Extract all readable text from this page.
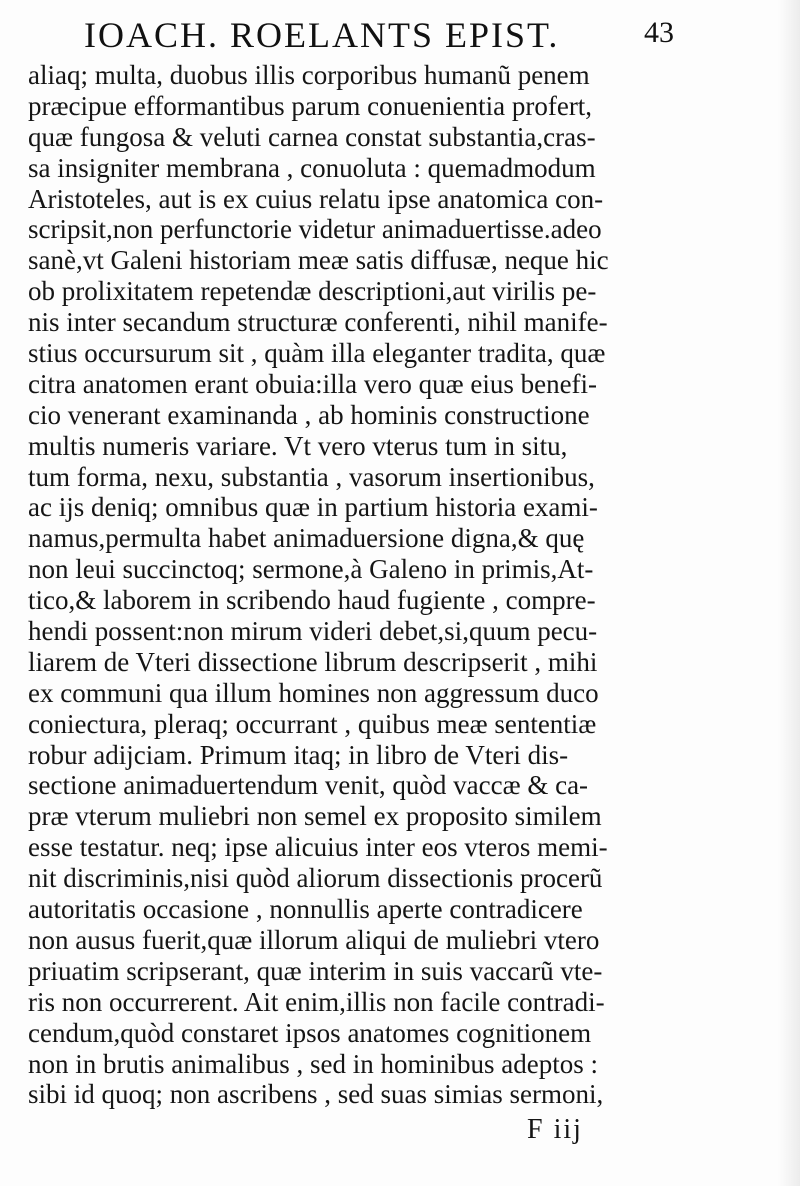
IOACH. ROELANTS EPIST.	43
aliaq; multa, duobus illis corporibus humanũ penem
præcipue efformantibus parum conuenientia profert,
quæ fungosa & veluti carnea constat substantia,cras-
sa insigniter membrana , conuoluta : quemadmodum
Aristoteles, aut is ex cuius relatu ipse anatomica con-
scripsit,non perfunctorie videtur animaduertisse.adeo
sanè,vt Galeni historiam meæ satis diffusæ, neque hic
ob prolixitatem repetendæ descriptioni,aut virilis pe-
nis inter secandum structuræ conferenti, nihil manife-
stius occursurum sit , quàm illa eleganter tradita, quæ
citra anatomen erant obuia:illa vero quæ eius benefi-
cio venerant examinanda , ab hominis constructione
multis numeris variare. Vt vero vterus tum in situ,
tum forma, nexu, substantia , vasorum insertionibus,
ac ijs deniq; omnibus quæ in partium historia exami-
namus,permulta habet animaduersione digna,& quę
non leui succinctoq; sermone,à Galeno in primis,At-
tico,& laborem in scribendo haud fugiente , compre-
hendi possent:non mirum videri debet,si,quum pecu-
liarem de Vteri dissectione librum descripserit , mihi
ex communi qua illum homines non aggressum duco
coniectura, pleraq; occurrant , quibus meæ sententiæ
robur adijciam. Primum itaq; in libro de Vteri dis-
sectione animaduertendum venit, quòd vaccæ & ca-
præ vterum muliebri non semel ex proposito similem
esse testatur. neq; ipse alicuius inter eos vteros memi-
nit discriminis,nisi quòd aliorum dissectionis procerũ
autoritatis occasione , nonnullis aperte contradicere
non ausus fuerit,quæ illorum aliqui de muliebri vtero
priuatim scripserant, quæ interim in suis vaccarũ vte-
ris non occurrerent. Ait enim,illis non facile contradi-
cendum,quòd constaret ipsos anatomes cognitionem
non in brutis animalibus , sed in hominibus adeptos :
sibi id quoq; non ascribens , sed suas simias sermoni,
F iij
